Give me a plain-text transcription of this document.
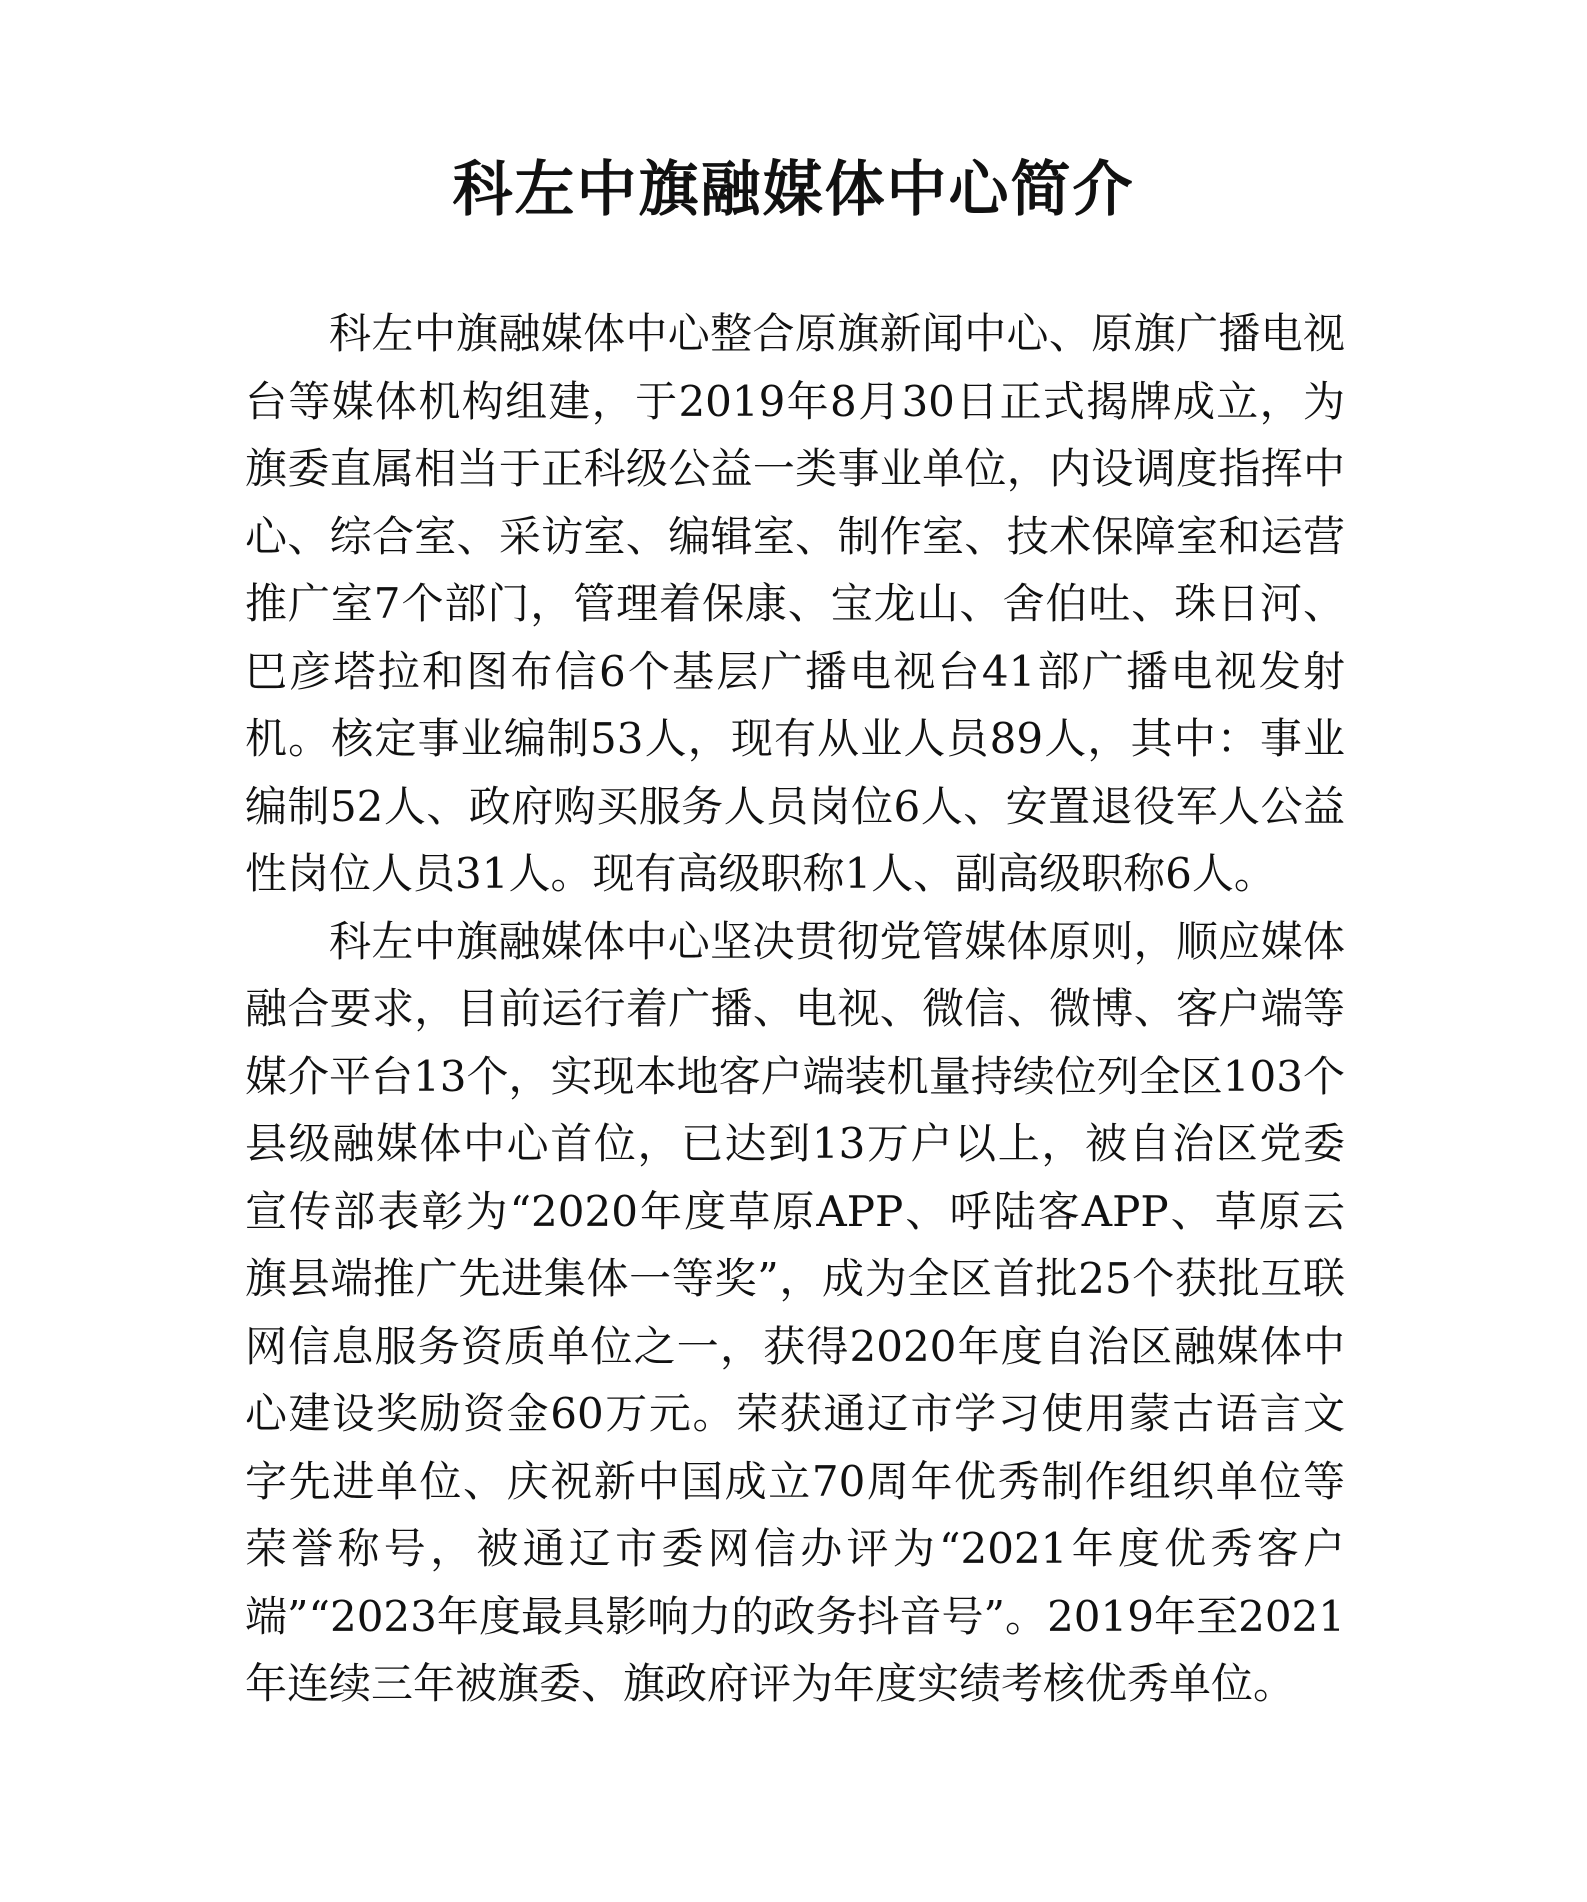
科左中旗融媒体中心简介

科左中旗融媒体中心整合原旗新闻中心、原旗广播电视台等媒体机构组建，于2019年8月30日正式揭牌成立，为旗委直属相当于正科级公益一类事业单位，内设调度指挥中心、综合室、采访室、编辑室、制作室、技术保障室和运营推广室7个部门，管理着保康、宝龙山、舍伯吐、珠日河、巴彦塔拉和图布信6个基层广播电视台41部广播电视发射机。核定事业编制53人，现有从业人员89人，其中：事业编制52人、政府购买服务人员岗位6人、安置退役军人公益性岗位人员31人。现有高级职称1人、副高级职称6人。

科左中旗融媒体中心坚决贯彻党管媒体原则，顺应媒体融合要求，目前运行着广播、电视、微信、微博、客户端等媒介平台13个，实现本地客户端装机量持续位列全区103个县级融媒体中心首位，已达到13万户以上，被自治区党委宣传部表彰为“2020年度草原APP、呼陆客APP、草原云旗县端推广先进集体一等奖”，成为全区首批25个获批互联网信息服务资质单位之一，获得2020年度自治区融媒体中心建设奖励资金60万元。荣获通辽市学习使用蒙古语言文字先进单位、庆祝新中国成立70周年优秀制作组织单位等荣誉称号，被通辽市委网信办评为“2021年度优秀客户端”“2023年度最具影响力的政务抖音号”。2019年至2021年连续三年被旗委、旗政府评为年度实绩考核优秀单位。
